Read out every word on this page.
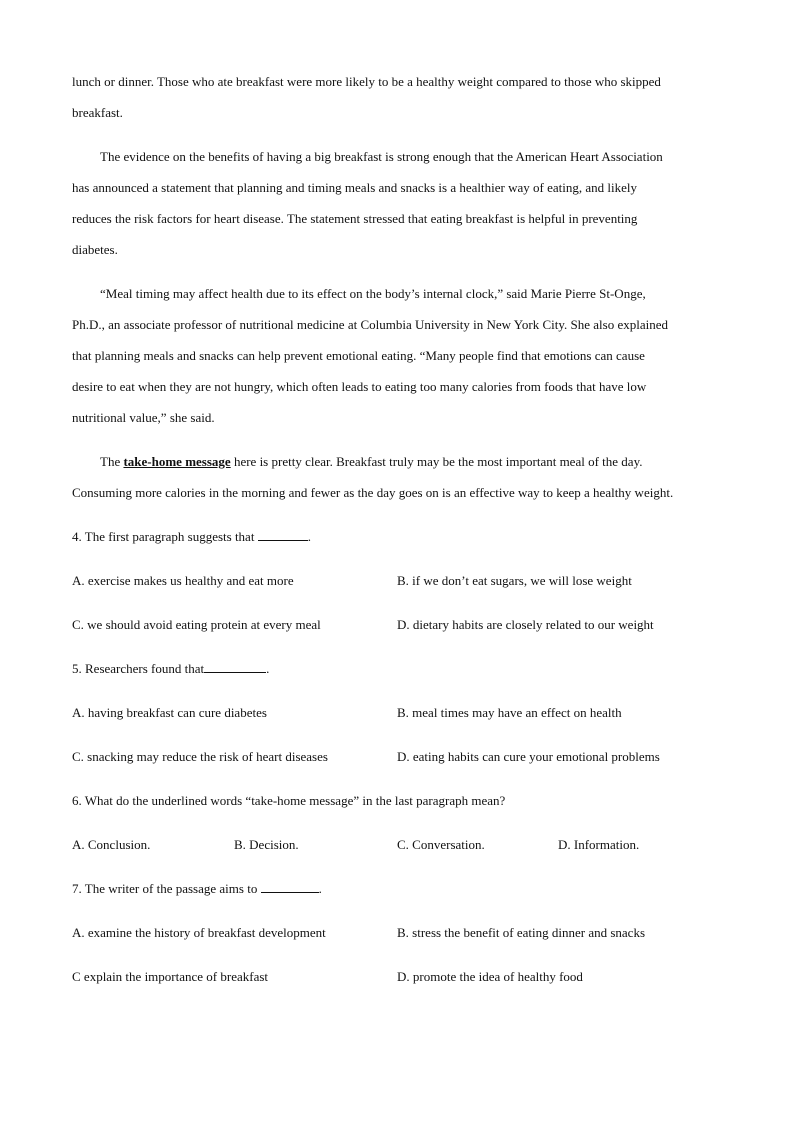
lunch or dinner. Those who ate breakfast were more likely to be a healthy weight compared to those who skipped

breakfast.

The evidence on the benefits of having a big breakfast is strong enough that the American Heart Association

has announced a statement that planning and timing meals and snacks is a healthier way of eating, and likely

reduces the risk factors for heart disease. The statement stressed that eating breakfast is helpful in preventing

diabetes.

“Meal timing may affect health due to its effect on the body’s internal clock,” said Marie Pierre St-Onge,

Ph.D., an associate professor of nutritional medicine at Columbia University in New York City. She also explained

that planning meals and snacks can help prevent emotional eating. “Many people find that emotions can cause

desire to eat when they are not hungry, which often leads to eating too many calories from foods that have low

nutritional value,” she said.

The take-home message here is pretty clear. Breakfast truly may be the most important meal of the day.

Consuming more calories in the morning and fewer as the day goes on is an effective way to keep a healthy weight.

4. The first paragraph suggests that	.
A. exercise makes us healthy and eat more	B. if we don’t eat sugars, we will lose weight
C. we should avoid eating protein at every meal	D. dietary habits are closely related to our weight
5. Researchers found that	.
A. having breakfast can cure diabetes	B. meal times may have an effect on health
C. snacking may reduce the risk of heart diseases	D. eating habits can cure your emotional problems
6. What do the underlined words “take-home message” in the last paragraph mean?
A. Conclusion.	B. Decision.	C. Conversation.	D. Information.
7. The writer of the passage aims to	.
A. examine the history of breakfast development	B. stress the benefit of eating dinner and snacks
C explain the importance of breakfast	D. promote the idea of healthy food
